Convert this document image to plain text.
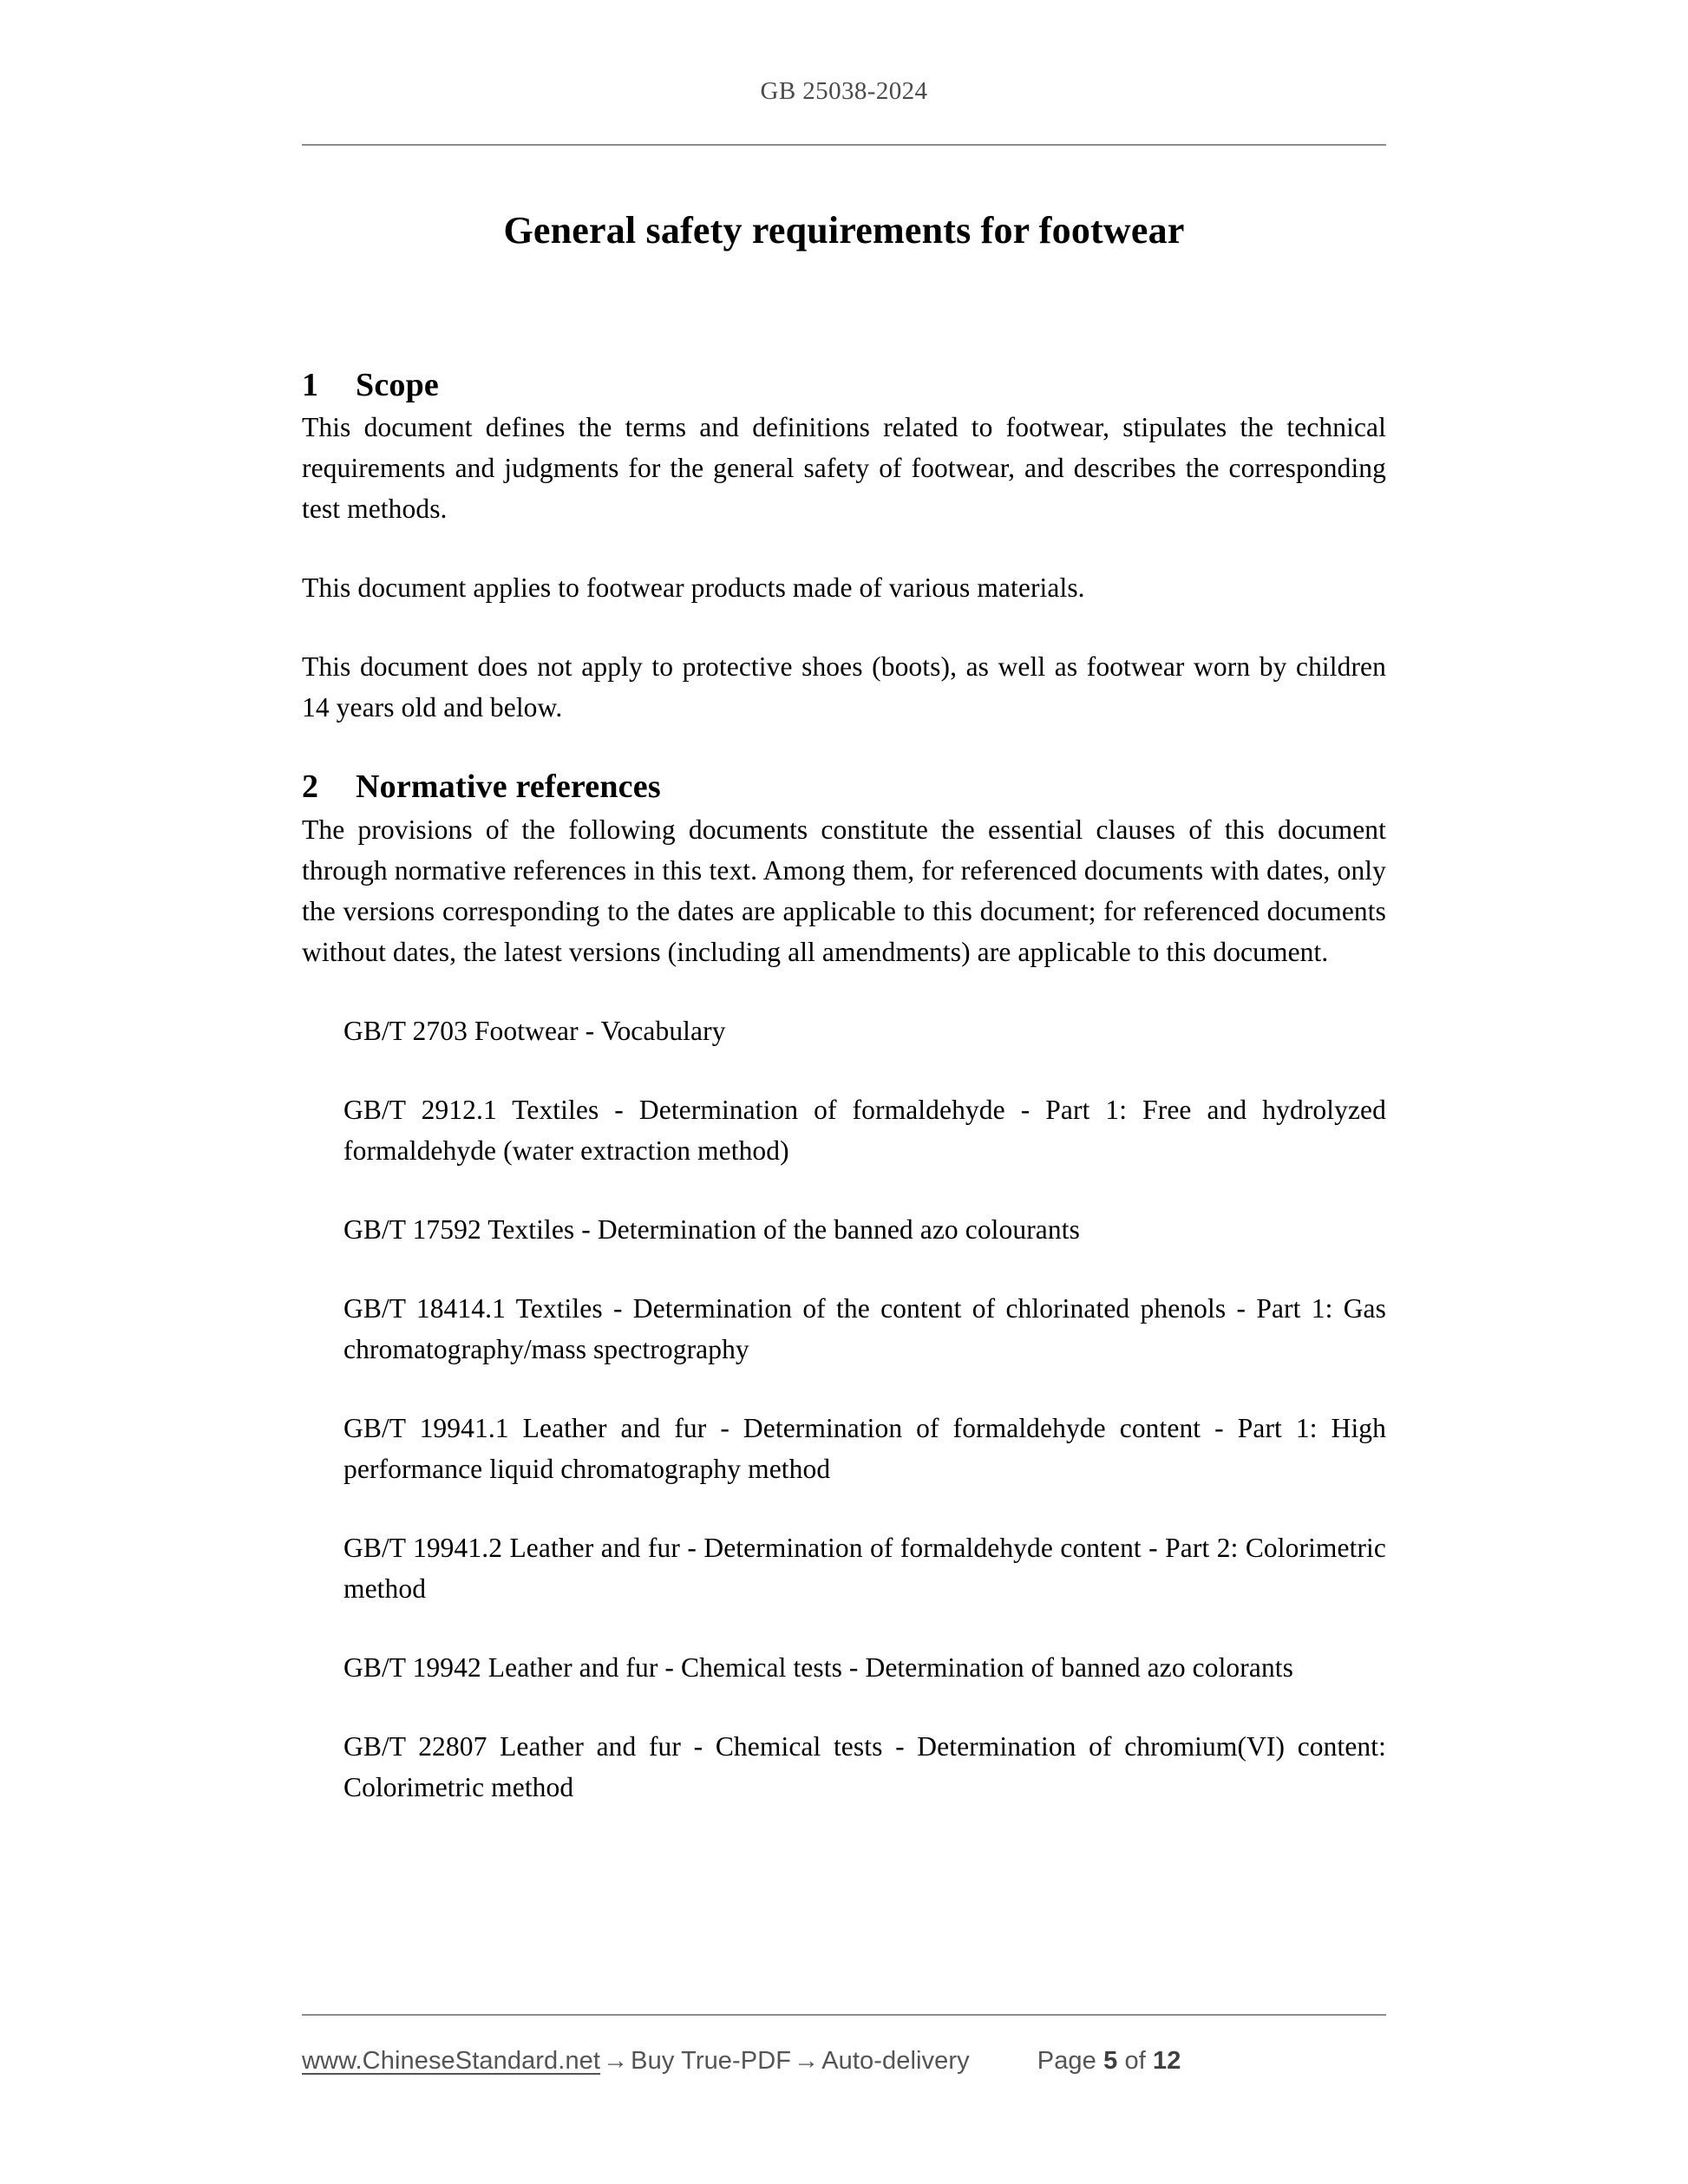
GB 25038-2024
General safety requirements for footwear
1 Scope

This document defines the terms and definitions related to footwear, stipulates the technical requirements and judgments for the general safety of footwear, and describes the corresponding test methods.

This document applies to footwear products made of various materials.

This document does not apply to protective shoes (boots), as well as footwear worn by children 14 years old and below.

2 Normative references

The provisions of the following documents constitute the essential clauses of this document through normative references in this text. Among them, for referenced documents with dates, only the versions corresponding to the dates are applicable to this document; for referenced documents without dates, the latest versions (including all amendments) are applicable to this document.

GB/T 2703 Footwear - Vocabulary

GB/T 2912.1 Textiles - Determination of formaldehyde - Part 1: Free and hydrolyzed formaldehyde (water extraction method)

GB/T 17592 Textiles - Determination of the banned azo colourants

GB/T 18414.1 Textiles - Determination of the content of chlorinated phenols - Part 1: Gas chromatography/mass spectrography

GB/T 19941.1 Leather and fur - Determination of formaldehyde content - Part 1: High performance liquid chromatography method

GB/T 19941.2 Leather and fur - Determination of formaldehyde content - Part 2: Colorimetric method

GB/T 19942 Leather and fur - Chemical tests - Determination of banned azo colorants

GB/T 22807 Leather and fur - Chemical tests - Determination of chromium(VI) content: Colorimetric method

www.ChineseStandard.net → Buy True-PDF → Auto-delivery	Page
5
of
12
